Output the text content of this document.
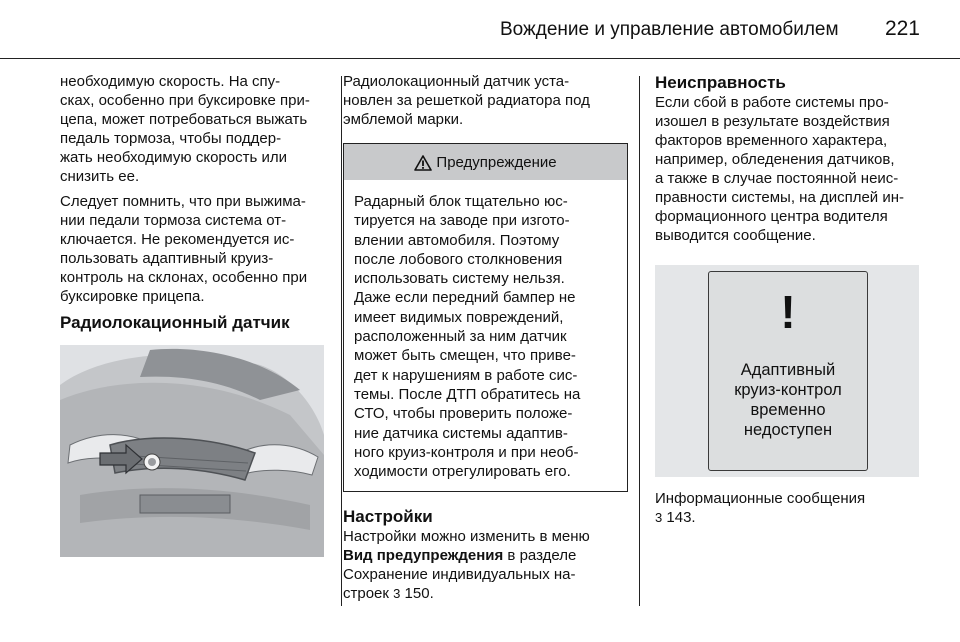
Вождение и управление автомобилем 221

необходимую скорость. На спу-
сках, особенно при буксировке при-
цепа, может потребоваться выжать
педаль тормоза, чтобы поддер-
жать необходимую скорость или
снизить ее.

Следует помнить, что при выжима-
нии педали тормоза система от-
ключается. Не рекомендуется ис-
пользовать адаптивный круиз-
контроль на склонах, особенно при
буксировке прицепа.

Радиолокационный датчик

Радиолокационный датчик уста-
новлен за решеткой радиатора под
эмблемой марки.

Предупреждение
Радарный блок тщательно юс-
тируется на заводе при изгото-
влении автомобиля. Поэтому
после лобового столкновения
использовать систему нельзя.
Даже если передний бампер не
имеет видимых повреждений,
расположенный за ним датчик
может быть смещен, что приве-
дет к нарушениям в работе сис-
темы. После ДТП обратитесь на
СТО, чтобы проверить положе-
ние датчика системы адаптив-
ного круиз-контроля и при необ-
ходимости отрегулировать его.
Настройки

Настройки можно изменить в меню
Вид предупреждения в разделе
Сохранение индивидуальных на-
строек 3 150.

Неисправность

Если сбой в работе системы про-
изошел в результате воздействия
факторов временного характера,
например, обледенения датчиков,
а также в случае постоянной неис-
правности системы, на дисплей ин-
формационного центра водителя
выводится сообщение.

!
Адаптивный
круиз-контрол
временно
недоступен
Информационные сообщения
3 143.
